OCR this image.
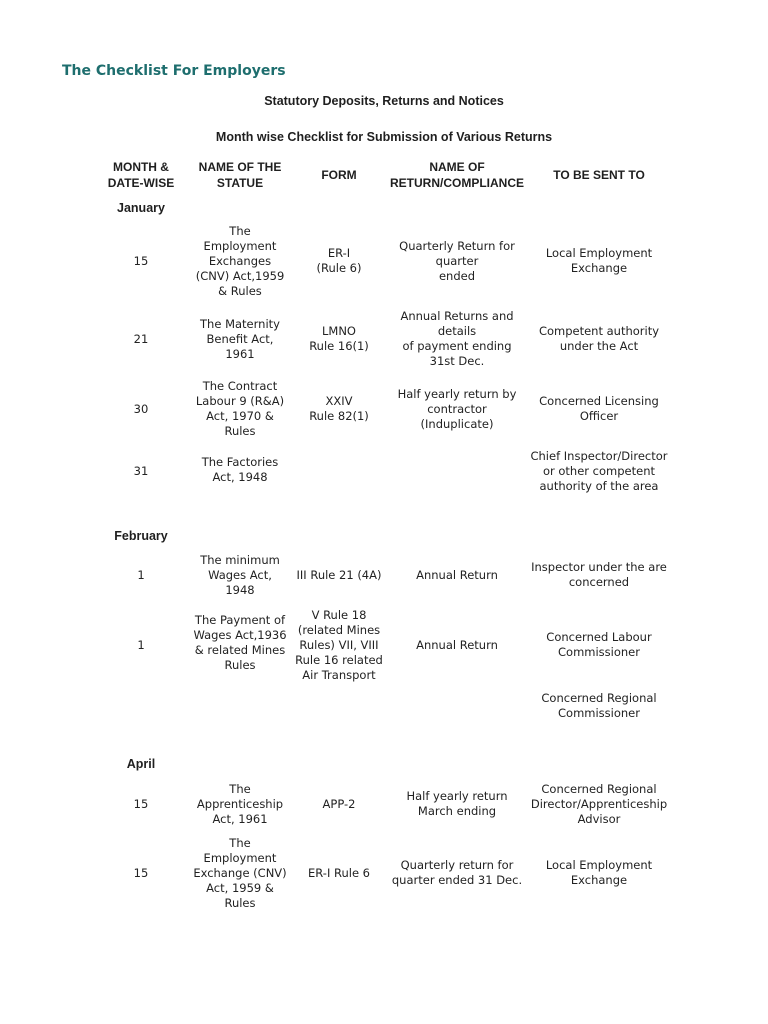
The Checklist For Employers
Statutory Deposits, Returns and Notices
Month wise Checklist for Submission of Various Returns
MONTH &
DATE-WISE
NAME OF THE
STATUE
FORM
NAME OF
RETURN/COMPLIANCE
TO BE SENT TO
January
15
The
Employment
Exchanges
(CNV) Act,1959
& Rules
ER-I
(Rule 6)
Quarterly Return for
quarter
ended
Local Employment
Exchange
21
The Maternity
Benefit Act,
1961
LMNO
Rule 16(1)
Annual Returns and
details
of payment ending
31st Dec.
Competent authority
under the Act
30
The Contract
Labour 9 (R&A)
Act, 1970 &
Rules
XXIV
Rule 82(1)
Half yearly return by
contractor
(Induplicate)
Concerned Licensing
Officer
31
The Factories
Act, 1948
Chief Inspector/Director
or other competent
authority of the area
February
1
The minimum
Wages Act,
1948
III Rule 21 (4A)	Annual Return
Inspector under the are
concerned
1
The Payment of
Wages Act,1936
& related Mines
Rules
V Rule 18
(related Mines
Rules) VII, VIII
Rule 16 related
Air Transport
Annual Return
Concerned Labour
Commissioner
Concerned Regional
Commissioner
April
15
The
Apprenticeship
Act, 1961
APP-2
Half yearly return
March ending
Concerned Regional
Director/Apprenticeship
Advisor
15
The
Employment
Exchange (CNV)
Act, 1959 &
Rules
ER-I Rule 6
Quarterly return for
quarter ended 31 Dec.
Local Employment
Exchange
